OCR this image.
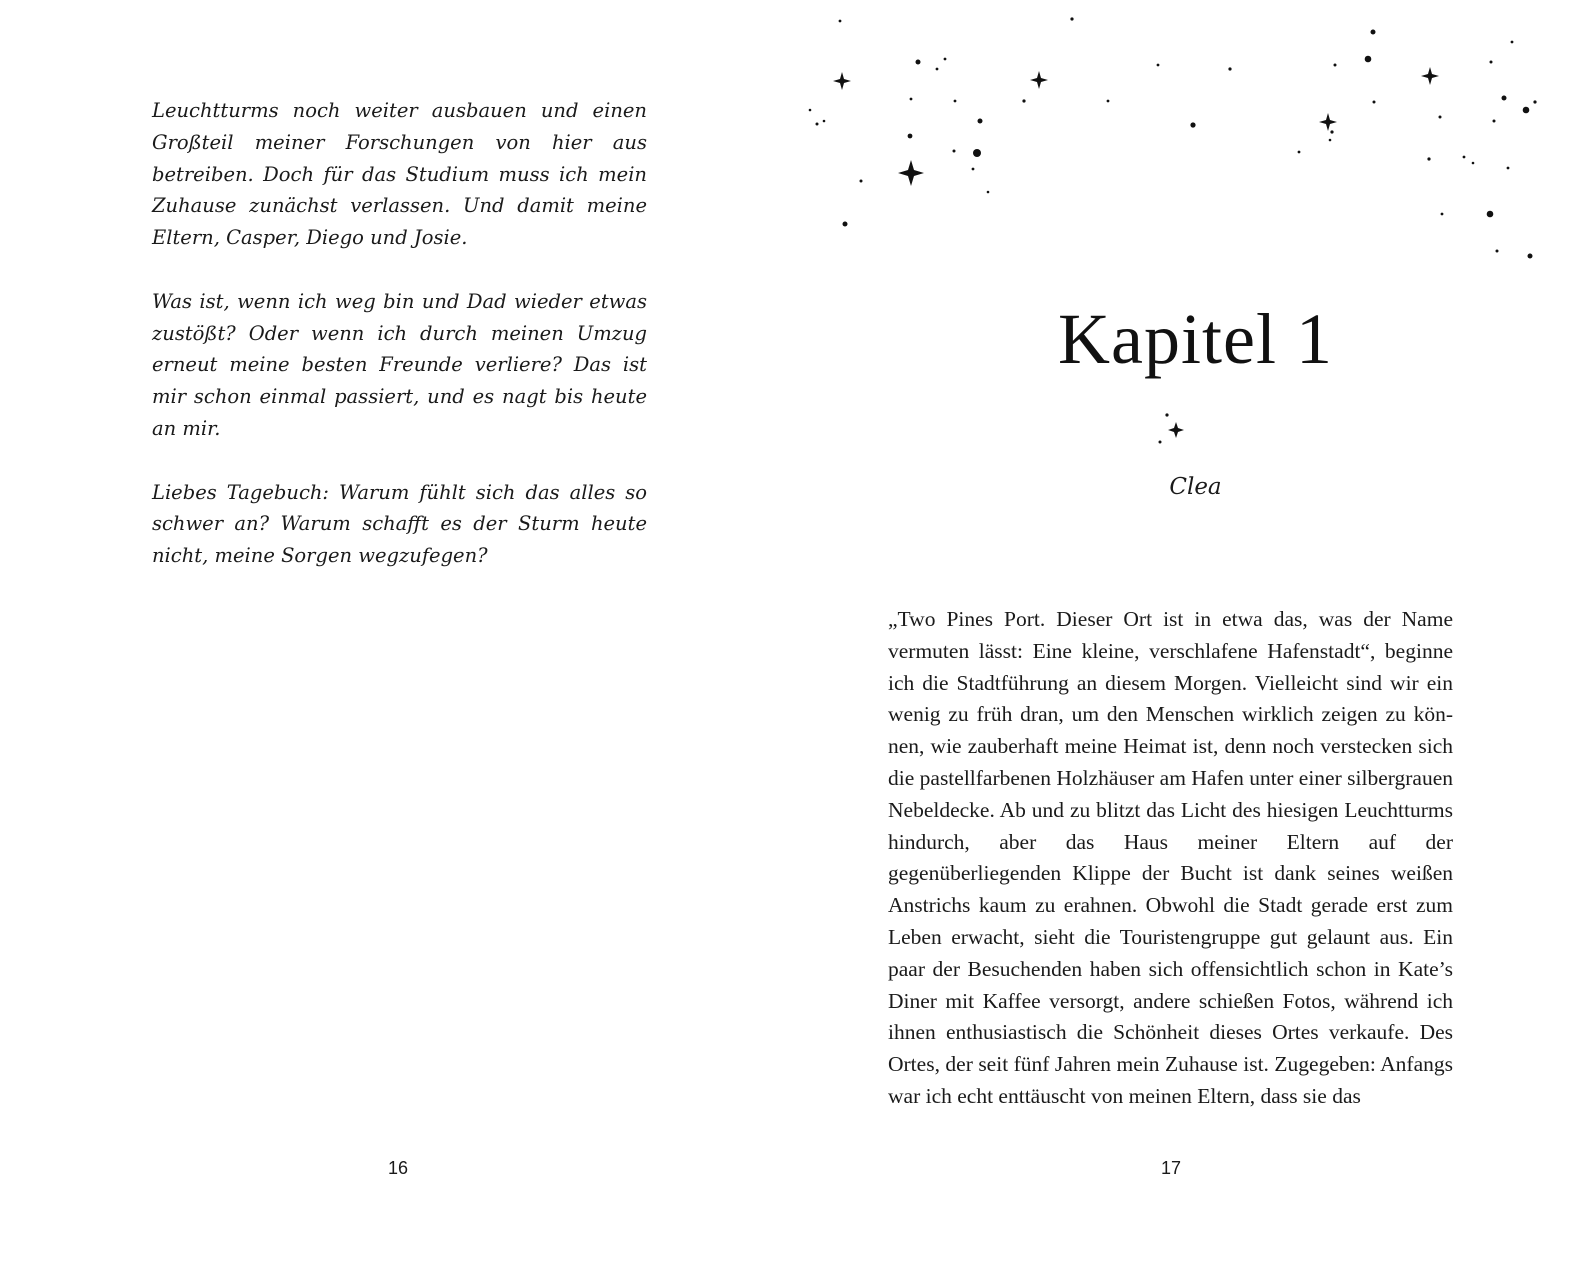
Leuchtturms noch weiter ausbauen und einen Großteil meiner Forschungen von hier aus betreiben. Doch für das Studium muss ich mein Zuhause zunächst verlassen. Und damit meine Eltern, Casper, Diego und Josie.

Was ist, wenn ich weg bin und Dad wieder etwas zustößt? Oder wenn ich durch meinen Umzug erneut meine besten Freunde verliere? Das ist mir schon einmal passiert, und es nagt bis heute an mir.

Liebes Tagebuch: Warum fühlt sich das alles so schwer an? Warum schafft es der Sturm heute nicht, meine Sorgen wegzufegen?

16
Kapitel 1
Clea

„Two Pines Port. Dieser Ort ist in etwa das, was der Name vermuten lässt: Eine kleine, verschlafene Hafenstadt“, beginne ich die Stadtführung an diesem Morgen. Vielleicht sind wir ein wenig zu früh dran, um den Menschen wirklich zeigen zu können, wie zauberhaft meine Heimat ist, denn noch verstecken sich die pastellfarbenen Holzhäuser am Hafen unter einer silbergrauen Nebeldecke. Ab und zu blitzt das Licht des hiesigen Leuchtturms hindurch, aber das Haus meiner Eltern auf der gegenüberliegenden Klippe der Bucht ist dank seines weißen Anstrichs kaum zu erahnen. Obwohl die Stadt gerade erst zum Leben erwacht, sieht die Touristengruppe gut gelaunt aus. Ein paar der Besuchenden haben sich offensichtlich schon in Kate’s Diner mit Kaffee versorgt, andere schießen Fotos, während ich ihnen enthusiastisch die Schönheit dieses Ortes verkaufe. Des Ortes, der seit fünf Jahren mein Zuhause ist. Zugegeben: Anfangs war ich echt enttäuscht von meinen Eltern, dass sie das

17
